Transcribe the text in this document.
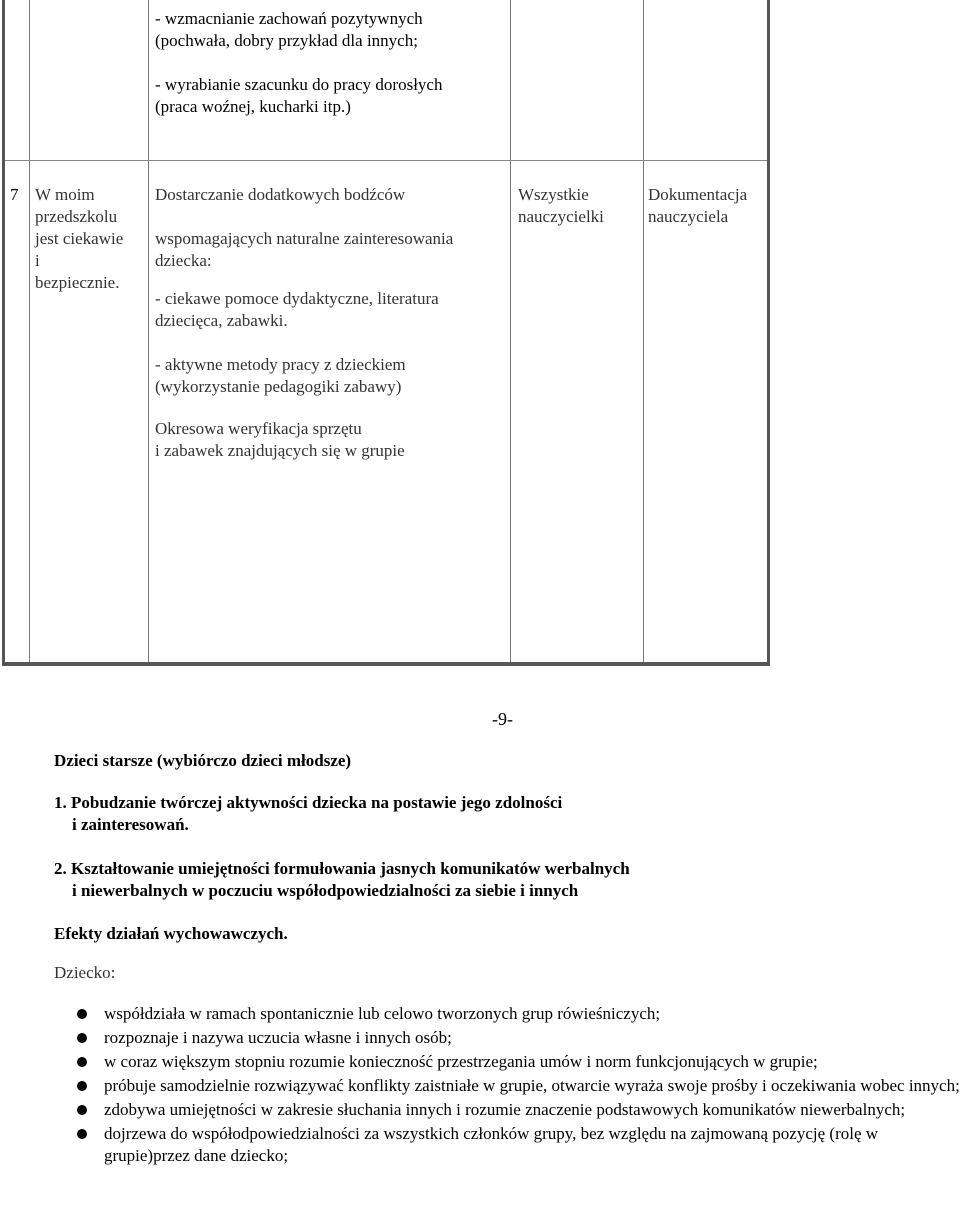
- wzmacnianie zachowań pozytywnych

(pochwała, dobry przykład dla innych;

- wyrabianie szacunku do pracy dorosłych

(praca woźnej, kucharki itp.)

7 W moim

przedszkolu

jest ciekawie

i

bezpiecznie.

Dostarczanie dodatkowych bodźców

wspomagających naturalne zainteresowania

dziecka:

- ciekawe pomoce dydaktyczne, literatura

dziecięca, zabawki.

- aktywne metody pracy z dzieckiem

(wykorzystanie pedagogiki zabawy)

Okresowa weryfikacja sprzętu

i zabawek znajdujących się w grupie

Wszystkie

nauczycielki

Dokumentacja

nauczyciela

-9-
Dzieci starsze (wybiórczo dzieci młodsze)
1. Pobudzanie twórczej aktywności dziecka na postawie jego zdolności
i zainteresowań.
2. Kształtowanie umiejętności formułowania jasnych komunikatów werbalnych
i niewerbalnych w poczuciu współodpowiedzialności za siebie i innych
Efekty działań wychowawczych.
Dziecko:
współdziała w ramach spontanicznie lub celowo tworzonych grup rówieśniczych;
rozpoznaje i nazywa uczucia własne i innych osób;
w coraz większym stopniu rozumie konieczność przestrzegania umów i norm funkcjonujących w grupie;
próbuje samodzielnie rozwiązywać konflikty zaistniałe w grupie, otwarcie wyraża swoje prośby i oczekiwania wobec innych;
zdobywa umiejętności w zakresie słuchania innych i rozumie znaczenie podstawowych komunikatów niewerbalnych;
dojrzewa do współodpowiedzialności za wszystkich członków grupy, bez względu na zajmowaną pozycję (rolę w grupie)przez dane dziecko;
